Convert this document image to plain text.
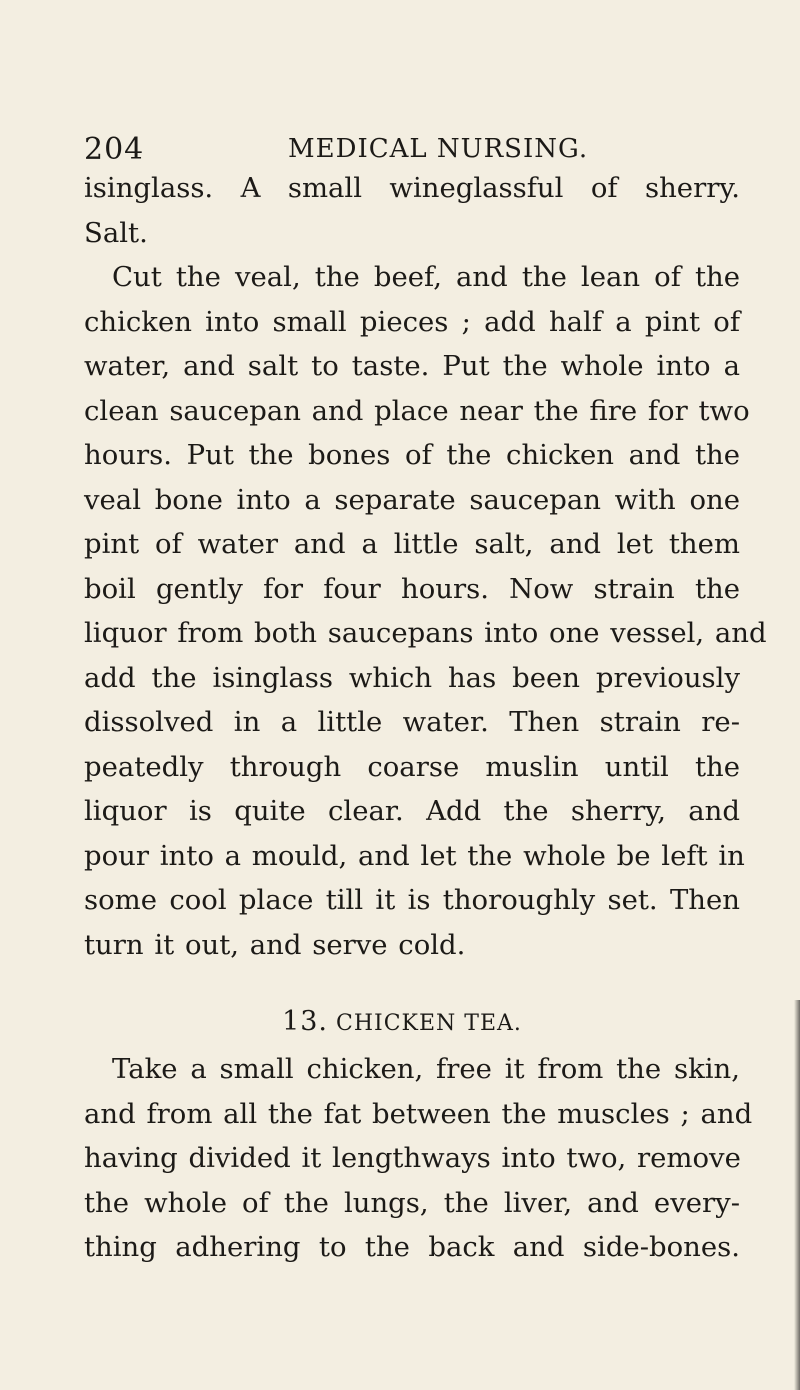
204	MEDICAL NURSING.
isinglass. A small wineglassful of sherry.
Salt.
Cut the veal, the beef, and the lean of the
chicken into small pieces ; add half a pint of
water, and salt to taste. Put the whole into a
clean saucepan and place near the fire for two
hours. Put the bones of the chicken and the
veal bone into a separate saucepan with one
pint of water and a little salt, and let them
boil gently for four hours. Now strain the
liquor from both saucepans into one vessel, and
add the isinglass which has been previously
dissolved in a little water. Then strain re-
peatedly through coarse muslin until the
liquor is quite clear. Add the sherry, and
pour into a mould, and let the whole be left in
some cool place till it is thoroughly set. Then
turn it out, and serve cold.
13. CHICKEN TEA.
Take a small chicken, free it from the skin,
and from all the fat between the muscles ; and
having divided it lengthways into two, remove
the whole of the lungs, the liver, and every-
thing adhering to the back and side-bones.
